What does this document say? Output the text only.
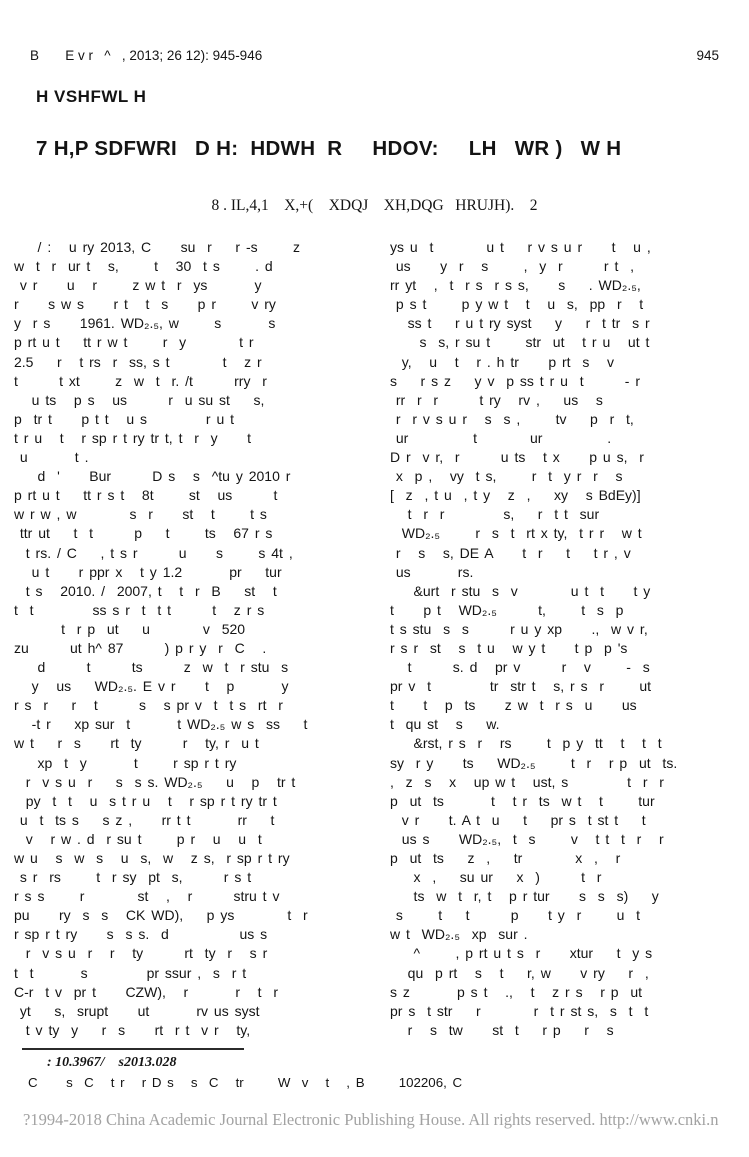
B       E v r   ^   , 2013; 26 12): 945-946	945
H VSHFWL H
7 H,P SDFWRI   D H:  HDWH  R     HDOV:     LH   WR )   W H
8 . IL,4,1    X,+(    XDQJ    XH,DQG   HRUJH).    2
/ :   u ry 2013, C     su  r    r -s      z
w  t  r  ur t   s,      t   30  t s      . d
v r     u   r      z w t  r  ys        y
r     s w s     r t   t  s     p r      v ry
y  r s     1961. WD₂.₅, w      s        s
p rt u t    tt r w t      r  y         t r
2.5    r   t rs  r  ss, s t         t   z r
t       t xt      z  w  t  r. /t       rry  r
u ts   p s   us       r  u su st    s,
p  tr t     p t t   u s          r u t
t r u   t   r sp r t ry tr t, t  r  y     t
u        t .
d  '     Bur       D s   s  ^tu y 2010 r
p rt u t    tt r s t   8t      st   us       t
w r w , w         s  r     st   t      t s
ttr ut    t  t       p    t      ts   67 r s
t rs. / C    , t s r       u     s      s 4t ,
u t     r ppr x   t y 1.2        pr    tur
t s   2010. /  2007, t   t  r  B    st   t
t  t          ss s r  t  t t       t   z r s
t  r p  ut    u         v  520
zu       ut h^ 87       ) p r y  r  C   .
d       t       ts       z  w  t  r stu  s
y   us    WD₂.₅. E v r     t   p        y
r s  r    r   t       s   s pr v  t  t s  rt  r
-t r    xp sur  t        t WD₂.₅ w s  ss    t
w t    r  s     rt  ty       r   ty, r  u t
xp  t  y        t      r sp r t ry
r  v s u  r    s  s s. WD₂.₅    u   p   tr t
py  t  t   u  s t r u   t   r sp r t ry tr t
u  t  ts s    s z ,     rr t t        rr    t
v   r w . d  r su t      p r   u   u  t
w u   s  w  s   u  s,  w   z s,  r sp r t ry
s r  rs      t  r sy  pt  s,       r s t
r s s      r         st   ,   r       stru t v
pu     ry  s  s   CK WD),    p ys         t  r
r sp r t ry     s  s s.  d            us s
r  v s u  r   r   ty       rt  ty  r   s r
t  t        s          pr ssur ,  s  r t
C-r  t v  pr t     CZW),   r        r   t  r
yt    s,  srupt     ut        rv us syst
t v ty  y    r  s     rt  r t  v r   ty,
ys u  t         u t    r v s u r     t   u ,
us     y  r   s      ,  y  r       r t  ,
rr yt   ,  t  r s  r s s,     s    . WD₂.₅,
p s t      p y w t   t   u  s,  pp  r   t
ss t    r u t ry syst    y    r  t tr  s r
s  s, r su t      str  ut   t r u   ut t
y,   u   t   r . h tr     p rt  s   v
s    r s z    y v  p ss t r u  t       - r
rr  r  r       t ry   rv ,    us   s
r  r v s u r   s  s ,      tv    p  r  t,
ur           t         ur           .
D r  v r,  r       u ts   t x     p u s,  r
x  p ,   vy  t s,      r  t  y r  r   s
[  z  , t u  , t y   z  ,    xy   s BdEy)]
t  r  r          s,    r  t t  sur
WD₂.₅      r  s  t  rt x ty,  t r r   w t
r   s   s, DE A     t  r    t    t r , v
us        rs.
&urt  r stu  s  v         u t  t     t y
t     p t   WD₂.₅       t,      t  s  p
t s stu  s  s       r u y xp     .,  w v r,
r s r  st   s  t u   w y t     t p  p 's
t       s. d   pr v       r   v      -  s
pr v  t          tr  str t   s, r s  r      ut
t     t   p  ts     z w  t  r s  u     us
t  qu st   s    w.
&rst, r s  r   rs      t  p y  tt   t   t  t
sy  r y     ts    WD₂.₅      t  r   r p  ut  ts.
,  z  s   x   up w t   ust, s          t  r  r
p  ut  ts        t   t r  ts  w t   t      tur
v r     t. A t  u    t    pr s  t st t    t
us s     WD₂.₅,  t  s      v   t t  t  r   r
p  ut  ts    z  ,    tr         x  ,   r
x  ,    su ur    x  )       t  r
ts  w  t  r, t   p r tur     s  s  s)    y
s      t    t       p     t y  r      u  t
w t  WD₂.₅  xp  sur .
^      , p rt u t s  r     xtur    t  y s
qu  p rt   s   t    r, w     v ry    r  ,
s z        p s t   .,   t   z r s   r p  ut
pr s  t str    r         r  t r st s,  s  t  t
r   s  tw     st  t    r p    r   s
: 10.3967/    s2013.028
C     s  C   t r   r D s   s  C   tr      W  v   t   , B      102206, C
?1994-2018 China Academic Journal Electronic Publishing House. All rights reserved. http://www.cnki.n
